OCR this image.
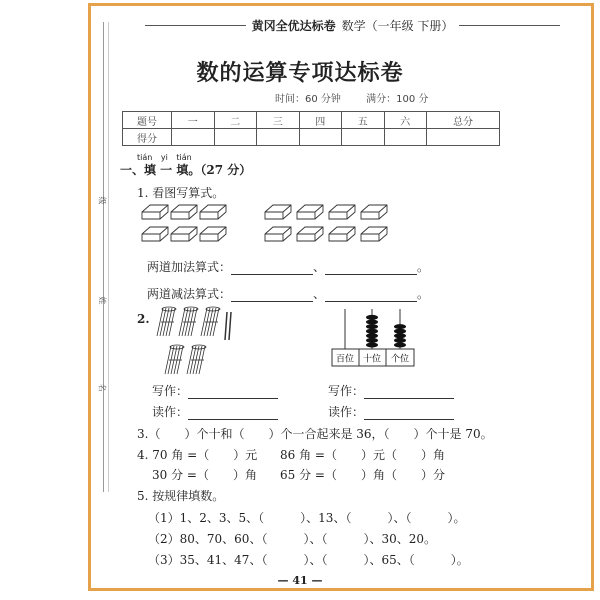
级
姓
名
黄冈全优达标卷 数学（一年级 下册）
数的运算专项达标卷
时间：60 分钟	满分：100 分
题号	一	二	三	四	五	六	总分
得分							
tián yi tián
一、填 一 填。（27 分）
1. 看图写算式。
两道加法算式：	、	。
两道减法算式：	、	。
2.
百位 十位 个位
写作：
读作：
写作：
读作：
3.（　　）个十和（　　）个一合起来是 36，（　　）个十是 70。
4. 70 角 =（　　）元 86 角 =（　　）元（　　）角
30 分 =（　　）角 65 分 =（　　）角（　　）分
5. 按规律填数。
（1）1、2、3、5、（　　　）、13、（　　　）、（　　　）。
（2）80、70、60、（　　　）、（　　　）、30、20。
（3）35、41、47、（　　　）、（　　　）、65、（　　　）。
— 41 —
